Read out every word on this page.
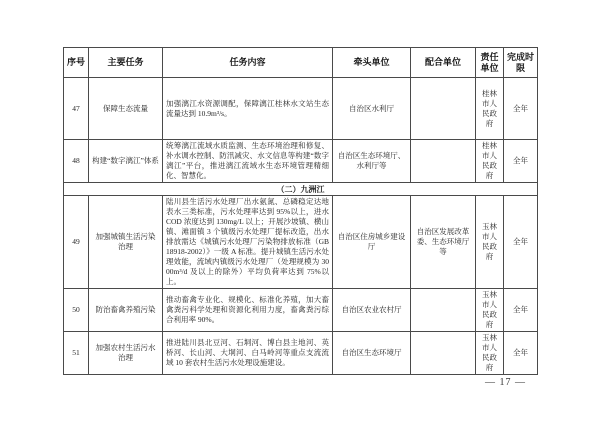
序号	主要任务	任务内容	牵头单位	配合单位	责任单位	完成时限
47	保障生态流量	加强漓江水资源调配，保障漓江桂林水文站生态流量达到 10.9m³/s。	自治区水利厅		桂林市人民政府	全年
48	构建“数字漓江”体系	统筹漓江流域水质监测、生态环境治理和修复、补水调水控制、防汛减灾、水文信息等构建“数字漓江”平台，推进漓江流域水生态环境管理精细化、智慧化。	自治区生态环境厅、水利厅等		桂林市人民政府	全年
（二）九洲江						
49	加强城镇生活污染治理	陆川县生活污水处理厂出水氨氮、总磷稳定达地表水三类标准，污水处理率达到 95%以上，进水 COD 浓度达到 130mg/L 以上；开展沙坡镇、横山镇、滩面镇 3 个镇级污水处理厂提标改造，出水排放需达《城镇污水处理厂污染物排放标准（GB18918-2002）》一级 A 标准。提升城镇生活污水处理效能，流域内镇级污水处理厂（处理规模为 3000m³/d 及以上的除外）平均负荷率达到 75%以上。	自治区住房城乡建设厅	自治区发展改革委、生态环境厅等	玉林市人民政府	全年
50	防治畜禽养殖污染	推动畜禽专业化、规模化、标准化养殖，加大畜禽粪污科学处理和资源化利用力度，畜禽粪污综合利用率 90%。	自治区农业农村厅		玉林市人民政府	全年
51	加强农村生活污水治理	推进陆川县北豆河、石垌河、博白县主地河、英桥河、长山河、大垌河、白马岭河等重点支流流域 10 套农村生活污水处理设施建设。	自治区生态环境厅		玉林市人民政府	全年
— 17 —
